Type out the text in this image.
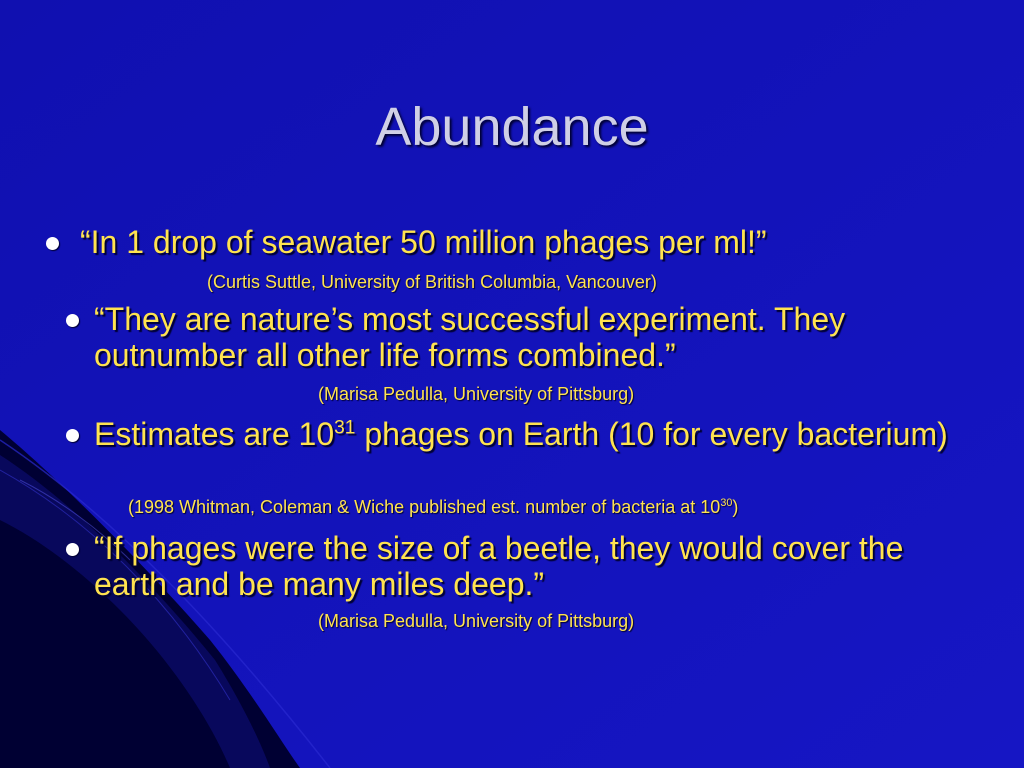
Abundance
“In 1 drop of seawater 50 million phages per ml!”
(Curtis Suttle, University of British Columbia, Vancouver)
“They are nature’s most successful experiment. They outnumber all other life forms combined.”
(Marisa Pedulla, University of Pittsburg)
Estimates are $10^{31}$ phages on Earth (10 for every bacterium)
(1998 Whitman, Coleman & Wiche published est. number of bacteria at $10^{30}$)
“If phages were the size of a beetle, they would cover the earth and be many miles deep.”
(Marisa Pedulla, University of Pittsburg)
